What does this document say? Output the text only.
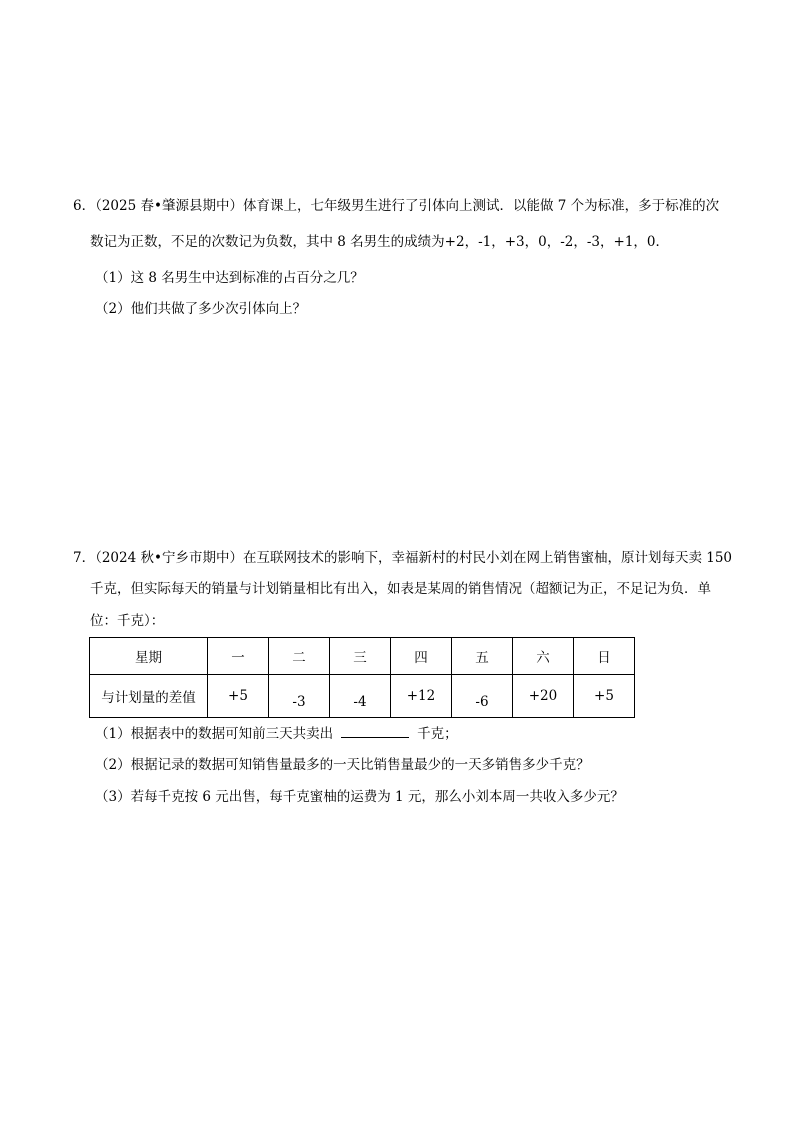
6．（2025 春•肇源县期中）体育课上，七年级男生进行了引体向上测试．以能做 7 个为标准，多于标准的次
数记为正数，不足的次数记为负数，其中 8 名男生的成绩为+2，-1，+3，0，-2，-3，+1，0．
（1）这 8 名男生中达到标准的占百分之几？
（2）他们共做了多少次引体向上？
7．（2024 秋•宁乡市期中）在互联网技术的影响下，幸福新村的村民小刘在网上销售蜜柚，原计划每天卖 150
千克，但实际每天的销量与计划销量相比有出入，如表是某周的销售情况（超额记为正，不足记为负．单
位：千克）：
星期	一	二	三	四	五	六	日
与计划量的差值	+5	-3	-4	+12	-6	+20	+5
（1）根据表中的数据可知前三天共卖出	千克；
（2）根据记录的数据可知销售量最多的一天比销售量最少的一天多销售多少千克？
（3）若每千克按 6 元出售，每千克蜜柚的运费为 1 元，那么小刘本周一共收入多少元？
